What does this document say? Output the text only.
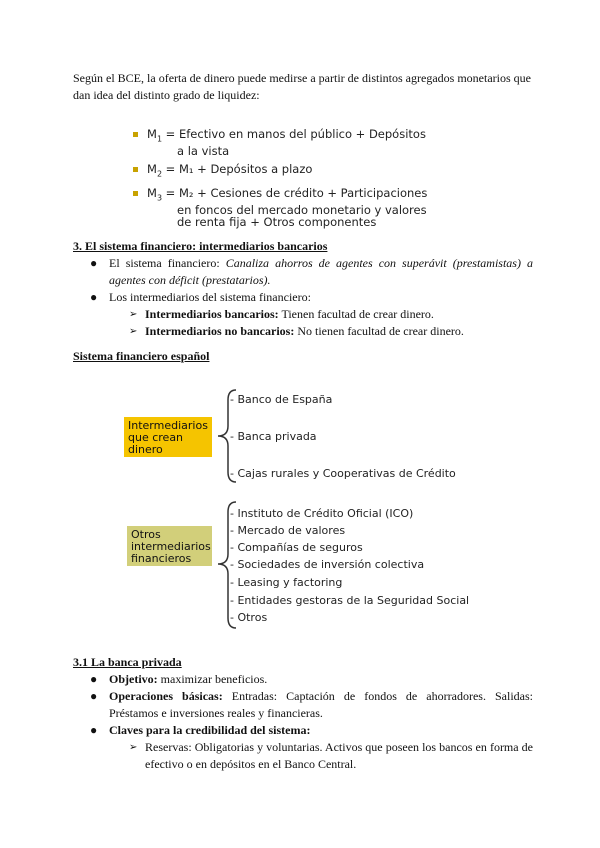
Según el BCE, la oferta de dinero puede medirse a partir de distintos agregados monetarios que dan idea del distinto grado de liquidez:
$M_1$ = Efectivo en manos del público + Depósitos
a la vista
$M_2 = M_1$ + Depósitos a plazo
$M_3 = M_2$ + Cesiones de crédito + Participaciones
en foncos del mercado monetario y valores de renta fija + Otros componentes
3. El sistema financiero: intermediarios bancarios
● El sistema financiero: Canaliza ahorros de agentes con superávit (prestamistas) a agentes con déficit (prestatarios).
● Los intermediarios del sistema financiero:
➢ Intermediarios bancarios: Tienen facultad de crear dinero.
➢ Intermediarios no bancarios: No tienen facultad de crear dinero.
Sistema financiero español
Intermediarios que crean dinero
- Banco de España
- Banca privada
- Cajas rurales y Cooperativas de Crédito
Otros intermediarios financieros
- Instituto de Crédito Oficial (ICO)
- Mercado de valores
- Compañías de seguros
- Sociedades de inversión colectiva
- Leasing y factoring
- Entidades gestoras de la Seguridad Social
- Otros
3.1 La banca privada
● Objetivo: maximizar beneficios.
● Operaciones básicas: Entradas: Captación de fondos de ahorradores. Salidas: Préstamos e inversiones reales y financieras.
● Claves para la credibilidad del sistema:
➢ Reservas: Obligatorias y voluntarias. Activos que poseen los bancos en forma de efectivo o en depósitos en el Banco Central.
